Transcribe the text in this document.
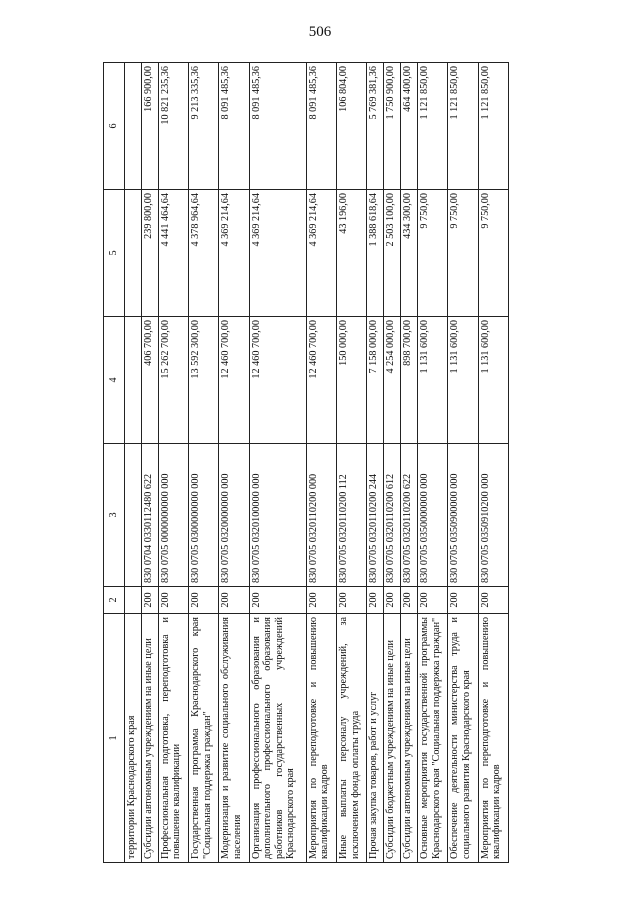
506
1	2	3	4	5	6
территории Краснодарского края					
Субсидии автономным учреждениям на иные цели	200	830 0704 0330112480 622	406 700,00	239 800,00	166 900,00
Профессиональная подготовка, переподготовка и повышение квалификации	200	830 0705 0000000000 000	15 262 700,00	4 441 464,64	10 821 235,36
Государственная программа Краснодарского края "Социальная поддержка граждан"	200	830 0705 0300000000 000	13 592 300,00	4 378 964,64	9 213 335,36
Модернизация и развитие социального обслуживания населения	200	830 0705 0320000000 000	12 460 700,00	4 369 214,64	8 091 485,36
Организация профессионального образования и дополнительного профессионального образования работников государственных учреждений Краснодарского края	200	830 0705 0320100000 000	12 460 700,00	4 369 214,64	8 091 485,36
Мероприятия по переподготовке и повышению квалификации кадров	200	830 0705 0320110200 000	12 460 700,00	4 369 214,64	8 091 485,36
Иные выплаты персоналу учреждений, за исключением фонда оплаты труда	200	830 0705 0320110200 112	150 000,00	43 196,00	106 804,00
Прочая закупка товаров, работ и услуг	200	830 0705 0320110200 244	7 158 000,00	1 388 618,64	5 769 381,36
Субсидии бюджетным учреждениям на иные цели	200	830 0705 0320110200 612	4 254 000,00	2 503 100,00	1 750 900,00
Субсидии автономным учреждениям на иные цели	200	830 0705 0320110200 622	898 700,00	434 300,00	464 400,00
Основные мероприятия государственной программы Краснодарского края "Социальная поддержка граждан"	200	830 0705 0350000000 000	1 131 600,00	9 750,00	1 121 850,00
Обеспечение деятельности министерства труда и социального развития Краснодарского края	200	830 0705 0350900000 000	1 131 600,00	9 750,00	1 121 850,00
Мероприятия по переподготовке и повышению квалификации кадров	200	830 0705 0350910200 000	1 131 600,00	9 750,00	1 121 850,00
